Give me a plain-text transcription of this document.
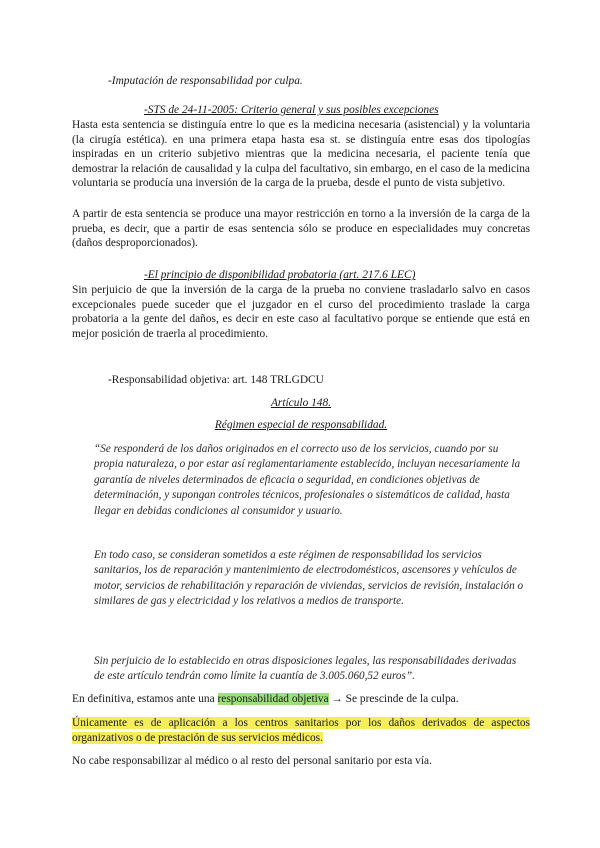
-Imputación de responsabilidad por culpa.

-STS de 24-11-2005: Criterio general y sus posibles excepciones

Hasta esta sentencia se distinguía entre lo que es la medicina necesaria (asistencial) y la voluntaria (la cirugía estética). en una primera etapa hasta esa st. se distinguía entre esas dos tipologías inspiradas en un criterio subjetivo mientras que la medicina necesaria, el paciente tenía que demostrar la relación de causalidad y la culpa del facultativo, sin embargo, en el caso de la medicina voluntaria se producía una inversión de la carga de la prueba, desde el punto de vista subjetivo.

A partir de esta sentencia se produce una mayor restricción en torno a la inversión de la carga de la prueba, es decir, que a partir de esas sentencia sólo se produce en especialidades muy concretas (daños desproporcionados).

-El principio de disponibilidad probatoria (art. 217.6 LEC)

Sin perjuicio de que la inversión de la carga de la prueba no conviene trasladarlo salvo en casos excepcionales puede suceder que el juzgador en el curso del procedimiento traslade la carga probatoria a la gente del daños, es decir en este caso al facultativo porque se entiende que está en mejor posición de traerla al procedimiento.

-Responsabilidad objetiva: art. 148 TRLGDCU

Artículo 148.

Régimen especial de responsabilidad.

“Se responderá de los daños originados en el correcto uso de los servicios, cuando por su propia naturaleza, o por estar así reglamentariamente establecido, incluyan necesariamente la garantía de niveles determinados de eficacia o seguridad, en condiciones objetivas de determinación, y supongan controles técnicos, profesionales o sistemáticos de calidad, hasta llegar en debidas condiciones al consumidor y usuario.

En todo caso, se consideran sometidos a este régimen de responsabilidad los servicios sanitarios, los de reparación y mantenimiento de electrodomésticos, ascensores y vehículos de motor, servicios de rehabilitación y reparación de viviendas, servicios de revisión, instalación o similares de gas y electricidad y los relativos a medios de transporte.

Sin perjuicio de lo establecido en otras disposiciones legales, las responsabilidades derivadas de este artículo tendrán como límite la cuantía de 3.005.060,52 euros”.

En definitiva, estamos ante una responsabilidad objetiva → Se prescinde de la culpa.

Únicamente es de aplicación a los centros sanitarios por los daños derivados de aspectos organizativos o de prestación de sus servicios médicos.

No cabe responsabilizar al médico o al resto del personal sanitario por esta vía.
